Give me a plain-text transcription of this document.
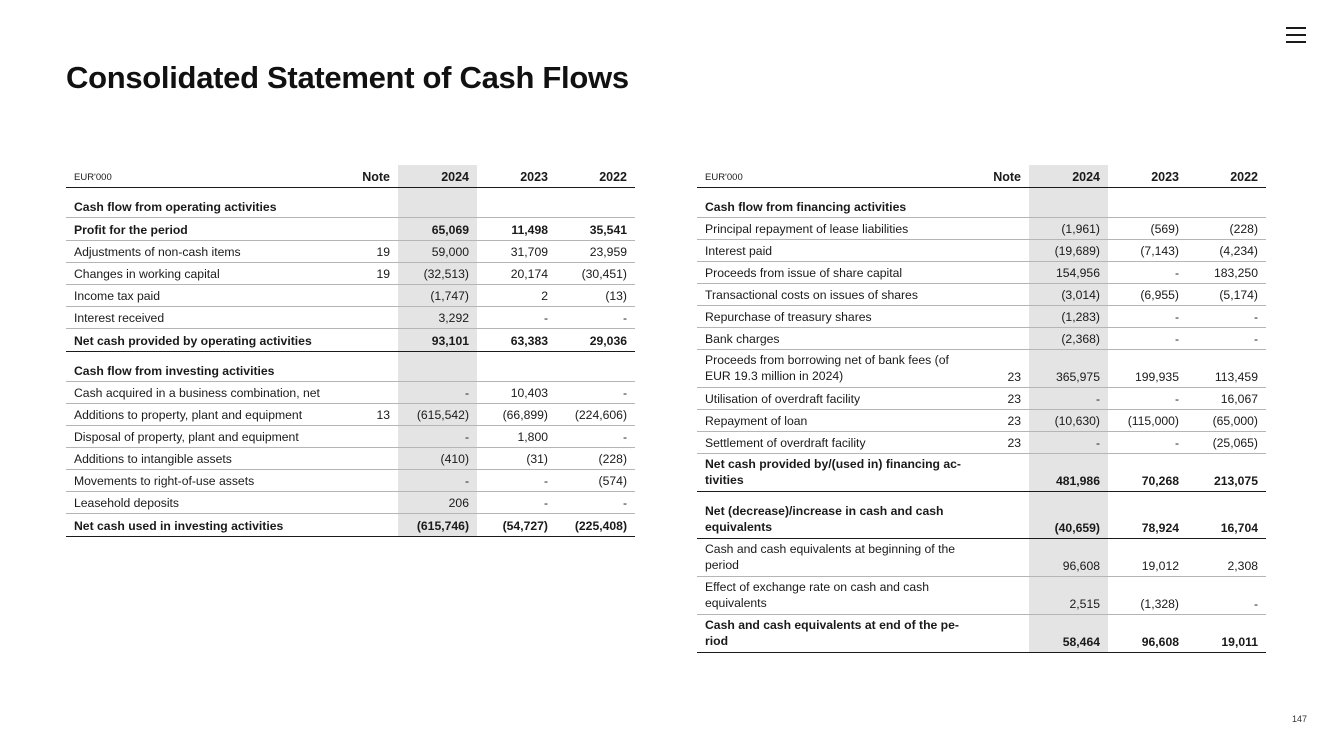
Consolidated Statement of Cash Flows
EUR'000	Note	2024	2023	2022
Cash flow from operating activities				
Profit for the period		65,069	11,498	35,541
Adjustments of non-cash items	19	59,000	31,709	23,959
Changes in working capital	19	(32,513)	20,174	(30,451)
Income tax paid		(1,747)	2	(13)
Interest received		3,292	-	-
Net cash provided by operating activities		93,101	63,383	29,036
Cash flow from investing activities				
Cash acquired in a business combination, net		-	10,403	-
Additions to property, plant and equipment	13	(615,542)	(66,899)	(224,606)
Disposal of property, plant and equipment		-	1,800	-
Additions to intangible assets		(410)	(31)	(228)
Movements to right-of-use assets		-	-	(574)
Leasehold deposits		206	-	-
Net cash used in investing activities		(615,746)	(54,727)	(225,408)
EUR'000	Note	2024	2023	2022
Cash flow from financing activities				
Principal repayment of lease liabilities		(1,961)	(569)	(228)
Interest paid		(19,689)	(7,143)	(4,234)
Proceeds from issue of share capital		154,956	-	183,250
Transactional costs on issues of shares		(3,014)	(6,955)	(5,174)
Repurchase of treasury shares		(1,283)	-	-
Bank charges		(2,368)	-	-
Proceeds from borrowing net of bank fees (of EUR 19.3 million in 2024)	23	365,975	199,935	113,459
Utilisation of overdraft facility	23	-	-	16,067
Repayment of loan	23	(10,630)	(115,000)	(65,000)
Settlement of overdraft facility	23	-	-	(25,065)
Net cash provided by/(used in) financing ac-tivities		481,986	70,268	213,075
Net (decrease)/increase in cash and cash equivalents		(40,659)	78,924	16,704
Cash and cash equivalents at beginning of the period		96,608	19,012	2,308
Effect of exchange rate on cash and cash equivalents		2,515	(1,328)	-
Cash and cash equivalents at end of the pe-riod		58,464	96,608	19,011
147
